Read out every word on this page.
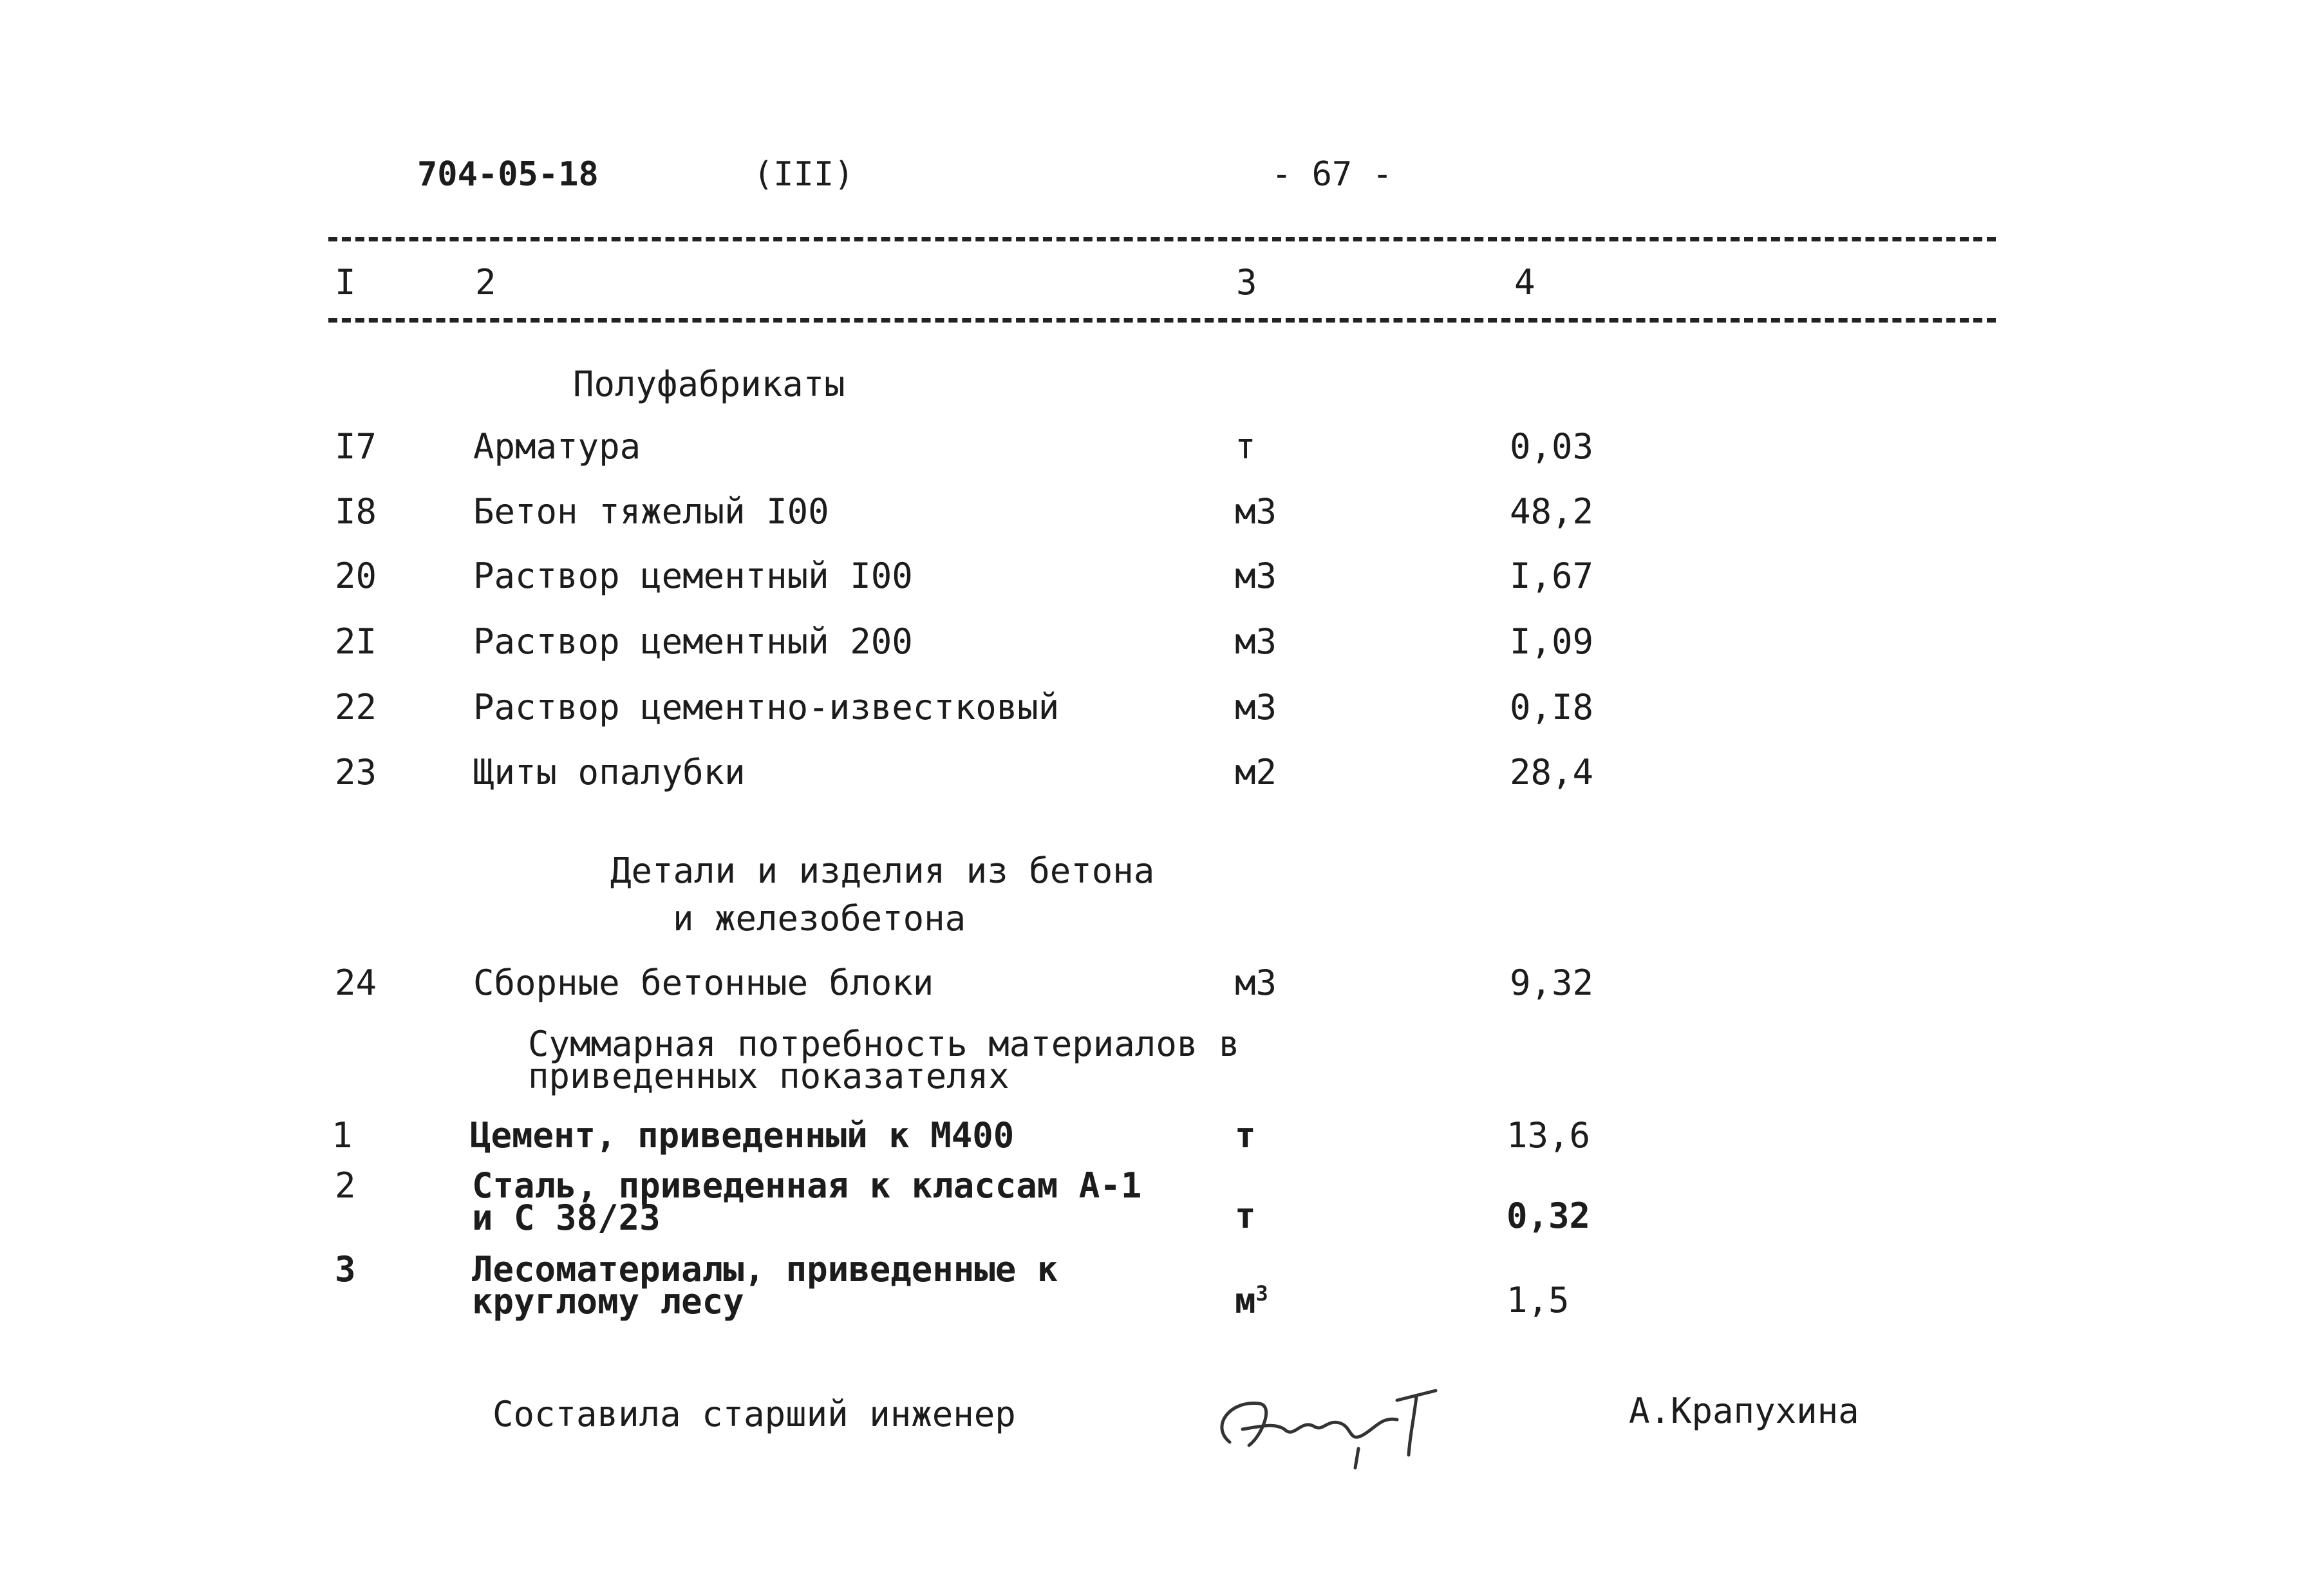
704-05-18	(III)	- 67 -
I	2	3	4
Полуфабрикаты
I7	Арматура	т	0,03
I8	Бетон тяжелый I00	м3	48,2
20	Раствор цементный I00	м3	I,67
2I	Раствор цементный 200	м3	I,09
22	Раствор цементно-известковый	м3	0,I8
23	Щиты опалубки	м2	28,4
Детали и изделия из бетона
и железобетона
24	Сборные бетонные блоки	м3	9,32
Суммарная потребность материалов в
приведенных показателях
1	Цемент, приведенный к М400	т	13,6
2	Сталь, приведенная к классам А-1
и С 38/23	т	0,32
3	Лесоматериалы, приведенные к
круглому лесу	$м^3$	1,5
Составила старший инженер	А.Крапухина
